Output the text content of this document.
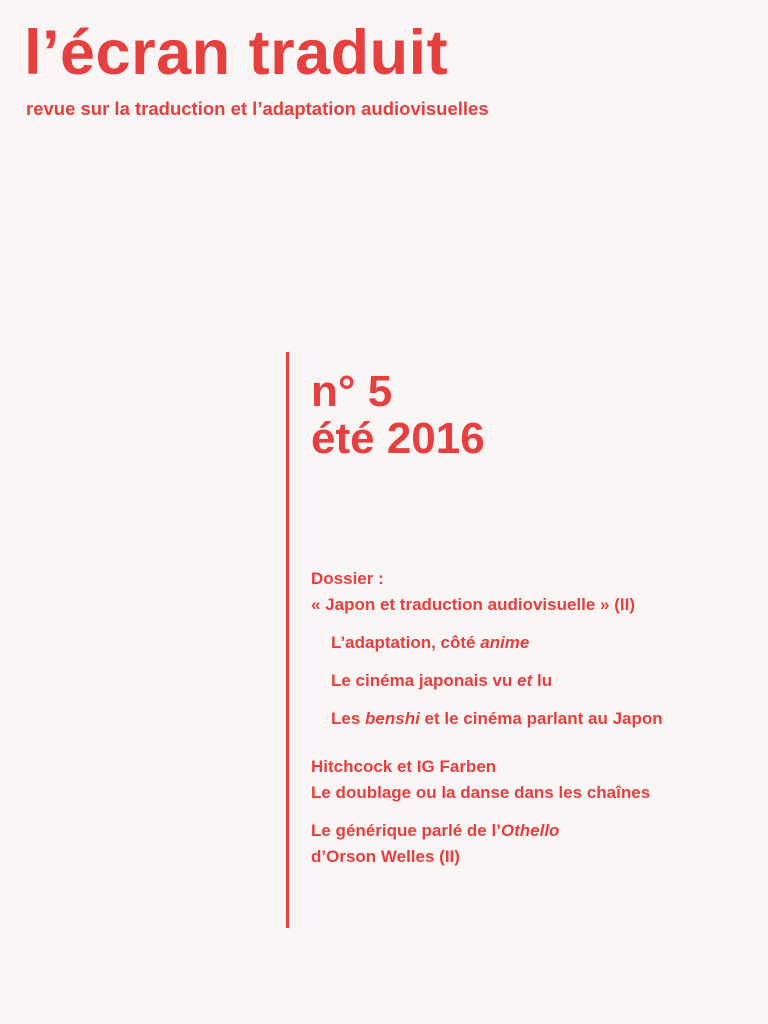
l’écran traduit
revue sur la traduction et l’adaptation audiovisuelles
n° 5
été 2016
Dossier :
« Japon et traduction audiovisuelle » (II)
L’adaptation, côté anime
Le cinéma japonais vu et lu
Les benshi et le cinéma parlant au Japon
Hitchcock et IG Farben
Le doublage ou la danse dans les chaînes
Le générique parlé de l’Othello
d’Orson Welles (II)
